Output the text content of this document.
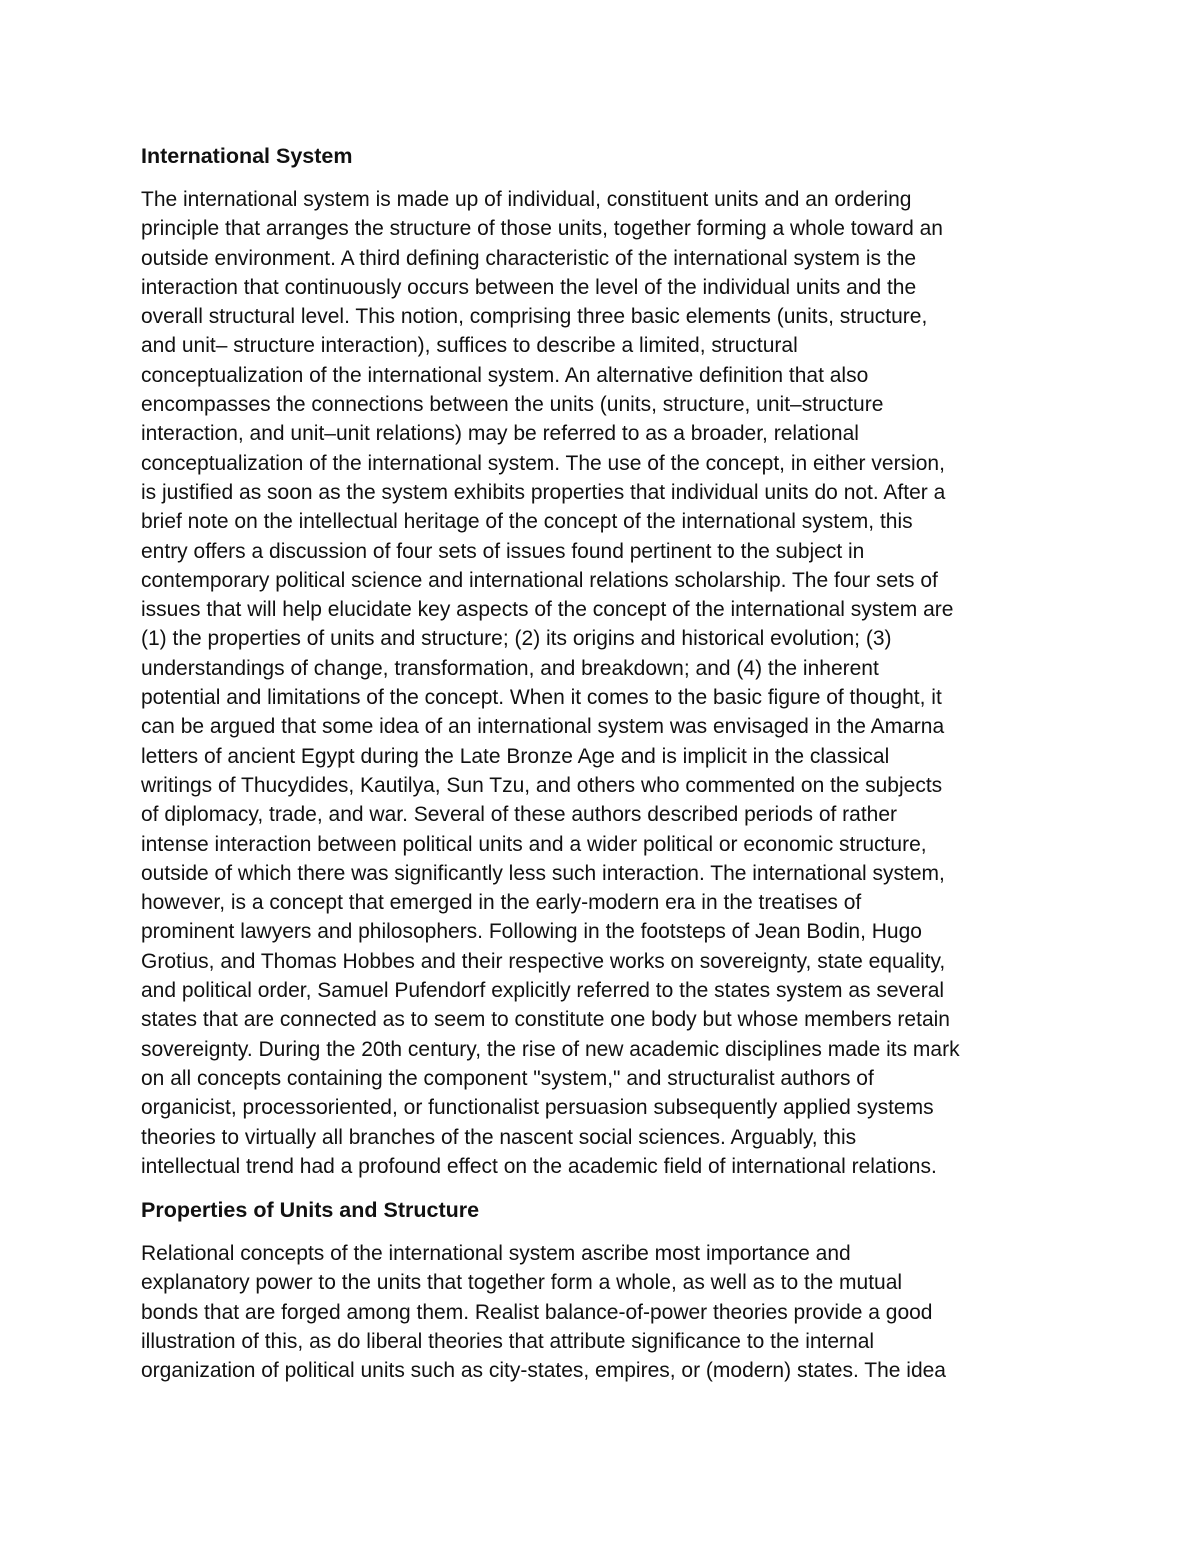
International System

The international system is made up of individual, constituent units and an ordering
principle that arranges the structure of those units, together forming a whole toward an
outside environment. A third defining characteristic of the international system is the
interaction that continuously occurs between the level of the individual units and the
overall structural level. This notion, comprising three basic elements (units, structure,
and unit– structure interaction), suffices to describe a limited, structural
conceptualization of the international system. An alternative definition that also
encompasses the connections between the units (units, structure, unit–structure
interaction, and unit–unit relations) may be referred to as a broader, relational
conceptualization of the international system. The use of the concept, in either version,
is justified as soon as the system exhibits properties that individual units do not. After a
brief note on the intellectual heritage of the concept of the international system, this
entry offers a discussion of four sets of issues found pertinent to the subject in
contemporary political science and international relations scholarship. The four sets of
issues that will help elucidate key aspects of the concept of the international system are
(1) the properties of units and structure; (2) its origins and historical evolution; (3)
understandings of change, transformation, and breakdown; and (4) the inherent
potential and limitations of the concept. When it comes to the basic figure of thought, it
can be argued that some idea of an international system was envisaged in the Amarna
letters of ancient Egypt during the Late Bronze Age and is implicit in the classical
writings of Thucydides, Kautilya, Sun Tzu, and others who commented on the subjects
of diplomacy, trade, and war. Several of these authors described periods of rather
intense interaction between political units and a wider political or economic structure,
outside of which there was significantly less such interaction. The international system,
however, is a concept that emerged in the early-modern era in the treatises of
prominent lawyers and philosophers. Following in the footsteps of Jean Bodin, Hugo
Grotius, and Thomas Hobbes and their respective works on sovereignty, state equality,
and political order, Samuel Pufendorf explicitly referred to the states system as several
states that are connected as to seem to constitute one body but whose members retain
sovereignty. During the 20th century, the rise of new academic disciplines made its mark
on all concepts containing the component "system," and structuralist authors of
organicist, processoriented, or functionalist persuasion subsequently applied systems
theories to virtually all branches of the nascent social sciences. Arguably, this
intellectual trend had a profound effect on the academic field of international relations.

Properties of Units and Structure

Relational concepts of the international system ascribe most importance and
explanatory power to the units that together form a whole, as well as to the mutual
bonds that are forged among them. Realist balance-of-power theories provide a good
illustration of this, as do liberal theories that attribute significance to the internal
organization of political units such as city-states, empires, or (modern) states. The idea
